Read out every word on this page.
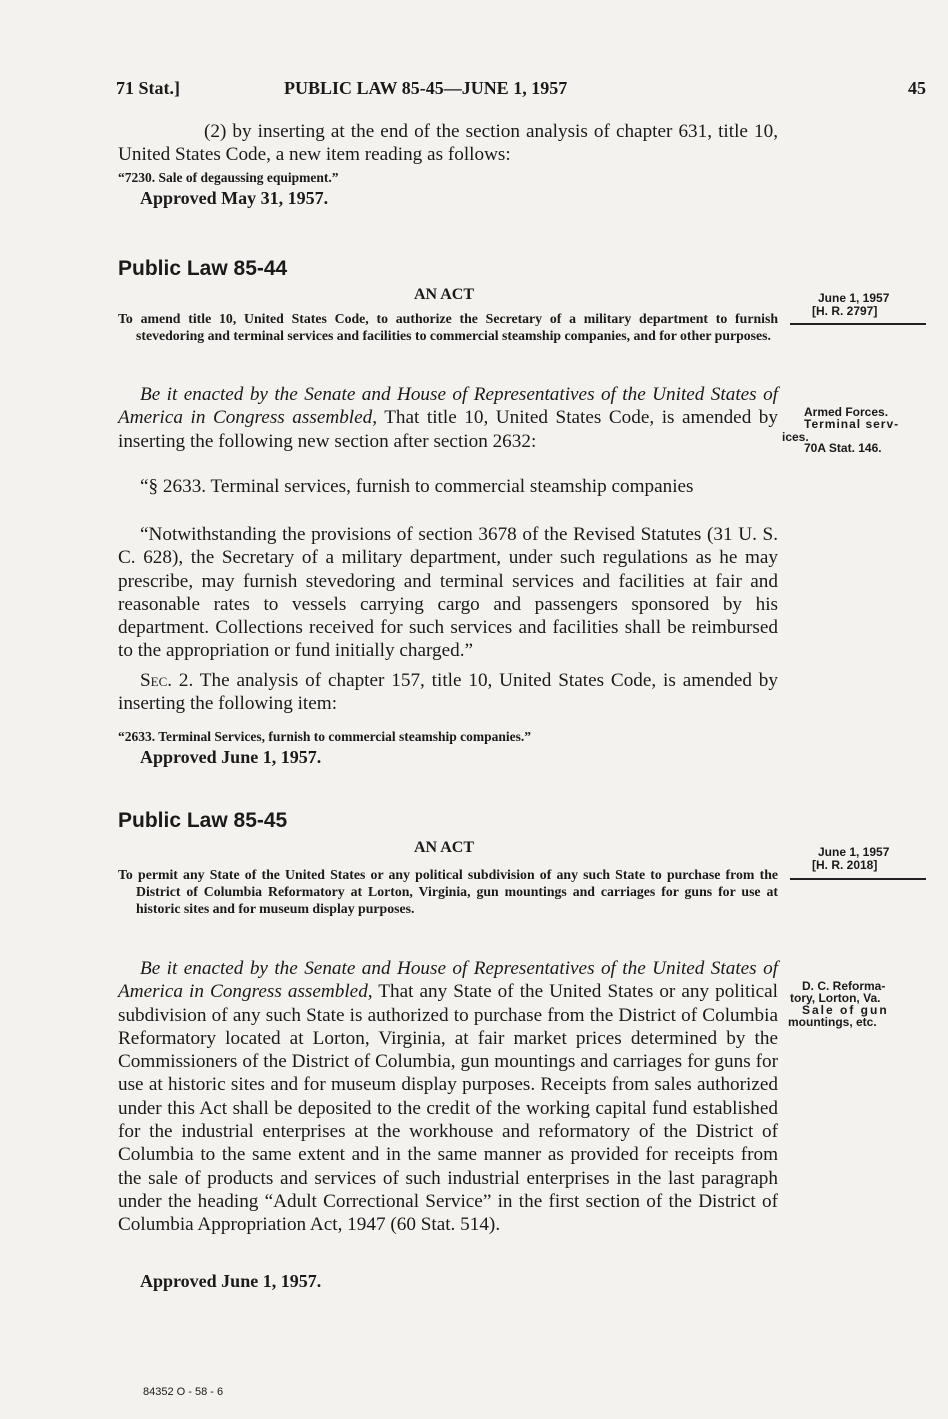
71 Stat.]	PUBLIC LAW 85-45—JUNE 1, 1957	45
(2) by inserting at the end of the section analysis of chapter 631, title 10, United States Code, a new item reading as follows:
“7230. Sale of degaussing equipment.”
Approved May 31, 1957.
Public Law 85-44
AN ACT	June 1, 1957
[H. R. 2797]
To amend title 10, United States Code, to authorize the Secretary of a military department to furnish stevedoring and terminal services and facilities to commercial steamship companies, and for other purposes.
Be it enacted by the Senate and House of Representatives of the United States of America in Congress assembled, That title 10, United States Code, is amended by inserting the following new section after section 2632:
Armed Forces.
Terminal serv-
ices.
70A Stat. 146.
“§ 2633. Terminal services, furnish to commercial steamship companies
“Notwithstanding the provisions of section 3678 of the Revised Statutes (31 U. S. C. 628), the Secretary of a military department, under such regulations as he may prescribe, may furnish stevedoring and terminal services and facilities at fair and reasonable rates to vessels carrying cargo and passengers sponsored by his department. Collections received for such services and facilities shall be reimbursed to the appropriation or fund initially charged.”
Sec. 2. The analysis of chapter 157, title 10, United States Code, is amended by inserting the following item:
“2633. Terminal Services, furnish to commercial steamship companies.”
Approved June 1, 1957.
Public Law 85-45
AN ACT	June 1, 1957
[H. R. 2018]
To permit any State of the United States or any political subdivision of any such State to purchase from the District of Columbia Reformatory at Lorton, Virginia, gun mountings and carriages for guns for use at historic sites and for museum display purposes.
Be it enacted by the Senate and House of Representatives of the United States of America in Congress assembled, That any State of the United States or any political subdivision of any such State is authorized to purchase from the District of Columbia Reformatory located at Lorton, Virginia, at fair market prices determined by the Commissioners of the District of Columbia, gun mountings and carriages for guns for use at historic sites and for museum display purposes. Receipts from sales authorized under this Act shall be deposited to the credit of the working capital fund established for the industrial enterprises at the workhouse and reformatory of the District of Columbia to the same extent and in the same manner as provided for receipts from the sale of products and services of such industrial enterprises in the last paragraph under the heading “Adult Correctional Service” in the first section of the District of Columbia Appropriation Act, 1947 (60 Stat. 514).
D. C. Reforma-
tory, Lorton, Va.
Sale of gun
mountings, etc.
Approved June 1, 1957.
84352 O - 58 - 6
